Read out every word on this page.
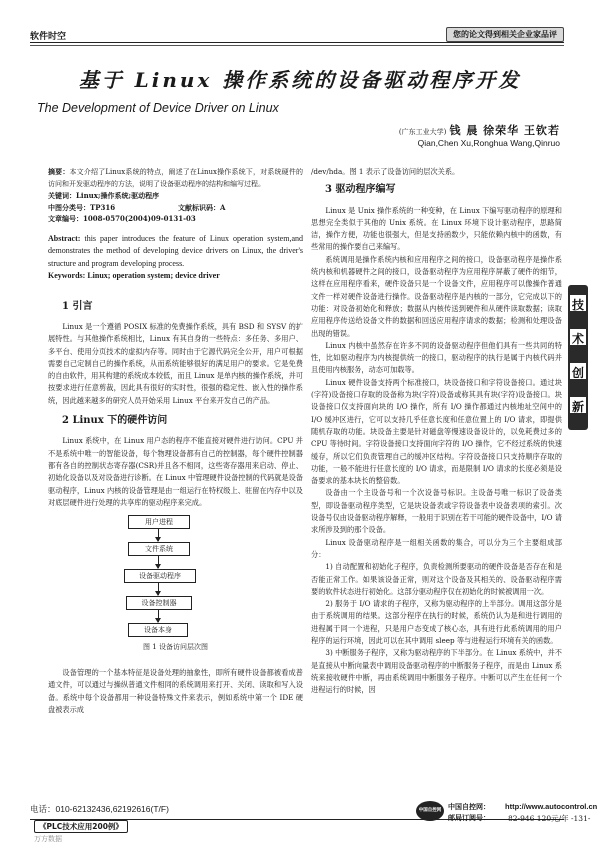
软件时空	您的论文得到相关企业家品评
基于 Linux 操作系统的设备驱动程序开发
The Development of Device Driver on Linux
(广东工业大学) 钱 晨 徐荣华 王钦若
Qian,Chen Xu,Ronghua Wang,Qinruo
摘要：本文介绍了Linux系统的特点，阐述了在Linux操作系统下，对系统硬件的访问和开发驱动程序的方法，说明了设备驱动程序的结构和编写过程。
关键词：Linux;操作系统;驱动程序
中图分类号：TP316	文献标识码：A
文章编号：1008-0570(2004)09-0131-03
Abstract: this paper introduces the feature of Linux operation system,and demonstrates the method of developing device drivers on Linux, the driver's structure and program developing process.
Keywords: Linux; operation system; device driver
1 引言

Linux 是一个遵循 POSIX 标准的免费操作系统，具有 BSD 和 SYSV 的扩展特性。与其他操作系统相比，Linux 有其自身的一些特点：多任务、多用户、多平台、使用分页技术的虚拟内存等。同时由于它源代码完全公开，用户可根据需要自己定制自己的操作系统，从而系统能够很好的满足用户的要求。它是免费的自由软件，用其构建的系统成本较低，而且 Linux 是单内核的操作系统，并可按要求进行任意剪裁，因此具有很好的实时性，很强的稳定性、嵌入性的操作系统，因此越来越多的研究人员开始采用 Linux 平台来开发自己的产品。

2 Linux 下的硬件访问

Linux 系统中，在 Linux 用户态的程序不能直接对硬件进行访问。CPU 并不是系统中唯一的智能设备，每个物理设备都有自己的控制器，每个硬件控制器都有各自的控制状态寄存器(CSR)并且各不相同，这些寄存器用来启动、停止、初始化设备以及对设备进行诊断。在 Linux 中管理硬件设备控制的代码就是设备驱动程序，Linux 内核的设备管理是由一组运行在特权级上、驻留在内存中以及对底层硬件进行处理的共享库的驱动程序来完成。

用户进程
文件系统
设备驱动程序
设备控制器
设备本身
图 1 设备访问层次图

设备管理的一个基本特征是设备处理的抽象性，即所有硬件设备都被看成普通文件，可以通过与操纵普通文件相同的系统调用来打开、关闭、读取和写入设备。系统中每个设备都用一种设备特殊文件来表示，例如系统中第一个 IDE 硬盘被表示成

/dev/hda。图 1 表示了设备访问的层次关系。
3 驱动程序编写

Linux 是 Unix 操作系统的一种变种，在 Linux 下编写驱动程序的原理和思想完全类似于其他的 Unix 系统。在 Linux 环境下设计驱动程序，思路简洁，操作方便，功能也很强大，但是支持函数少，只能依赖内核中的函数，有些常用的操作要自己来编写。

系统调用是操作系统内核和应用程序之间的接口，设备驱动程序是操作系统内核和机器硬件之间的接口，设备驱动程序为应用程序屏蔽了硬件的细节，这样在应用程序看来，硬件设备只是一个设备文件，应用程序可以像操作普通文件一样对硬件设备进行操作。设备驱动程序是内核的一部分，它完成以下的功能：对设备初始化和释放；数据从内核传送到硬件和从硬件读取数据；读取应用程序传送给设备文件的数据和回送应用程序请求的数据；检测和处理设备出现的错误。

Linux 内核中虽然存在许多不同的设备驱动程序但他们具有一些共同的特性，比如驱动程序为内核提供统一的接口，驱动程序的执行是属于内核代码并且使用内核服务，动态可加载等。

Linux 硬件设备支持两个标准接口，块设备接口和字符设备接口。通过块(字符)设备接口存取的设备称为块(字符)设备或称其具有块(字符)设备接口。块设备接口仅支持面向块的 I/O 操作，所有 I/O 操作都通过内核地址空间中的 I/O 缓冲区进行，它可以支持几乎任意长度和任意位置上的 I/O 请求，即提供随机存取的功能。块设备主要是针对磁盘等慢速设备设计的，以免耗费过多的 CPU 等待时间。字符设备接口支持面向字符的 I/O 操作，它不经过系统的快速缓存，所以它们负责管理自己的缓冲区结构。字符设备接口只支持顺序存取的功能，一般不能进行任意长度的 I/O 请求，而是限制 I/O 请求的长度必须是设备要求的基本块长的整倍数。

设备由一个主设备号和一个次设备号标识。主设备号唯一标识了设备类型，即设备驱动程序类型，它是块设备表或字符设备表中设备表项的索引。次设备号仅由设备驱动程序解释，一般用于识别在若干可能的硬件设备中，I/O 请求所涉及到的那个设备。

Linux 设备驱动程序是一组相关函数的集合，可以分为三个主要组成部分：

1) 自动配置和初始化子程序，负责检测所要驱动的硬件设备是否存在和是否能正常工作。如果该设备正常，则对这个设备及其相关的、设备驱动程序需要的软件状态进行初始化。这部分驱动程序仅在初始化的时候被调用一次。

2) 服务于 I/O 请求的子程序，又称为驱动程序的上半部分。调用这部分是由于系统调用的结果。这部分程序在执行的时候，系统仍认为是和进行调用的进程属于同一个进程，只是用户态变成了核心态，具有进行此系统调用的用户程序的运行环境，因此可以在其中调用 sleep 等与进程运行环境有关的函数。

3) 中断服务子程序，又称为驱动程序的下半部分。在 Linux 系统中，并不是直接从中断向量表中调用设备驱动程序的中断服务子程序，而是由 Linux 系统来接收硬件中断，再由系统调用中断服务子程序。中断可以产生在任何一个进程运行的时候，因

技
术
创
新
电话：010-62132436,62192616(T/F)
《PLC技术应用200例》
万方数据
中国自控网 中国自控网： http://www.autocontrol.cn
邮局订阅号： 82-946 120元/年 -131-
